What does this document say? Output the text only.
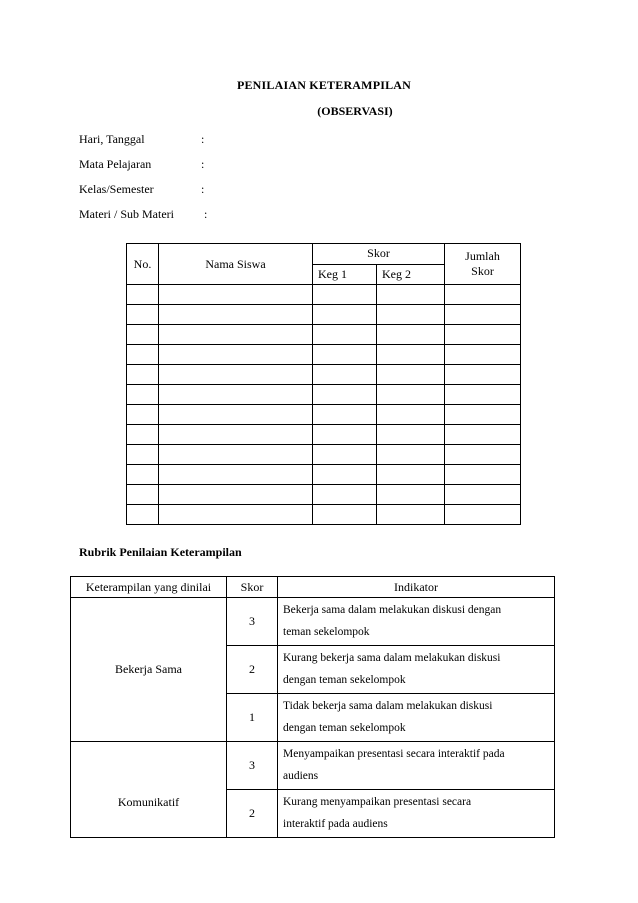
PENILAIAN KETERAMPILAN
(OBSERVASI)
Hari, Tanggal	:
Mata Pelajaran	:
Kelas/Semester	:
Materi / Sub Materi	:
No.	Nama Siswa	Skor		Jumlah
Skor
		Keg 1	Keg 2	

Rubrik Penilaian Keterampilan
Keterampilan yang dinilai	Skor	Indikator
Bekerja Sama	3	Bekerja sama dalam melakukan diskusi dengan
teman sekelompok
	2	Kurang bekerja sama dalam melakukan diskusi
dengan teman sekelompok
	1	Tidak bekerja sama dalam melakukan diskusi
dengan teman sekelompok
Komunikatif	3	Menyampaikan presentasi secara interaktif pada
audiens
	2	Kurang menyampaikan presentasi secara
interaktif pada audiens
